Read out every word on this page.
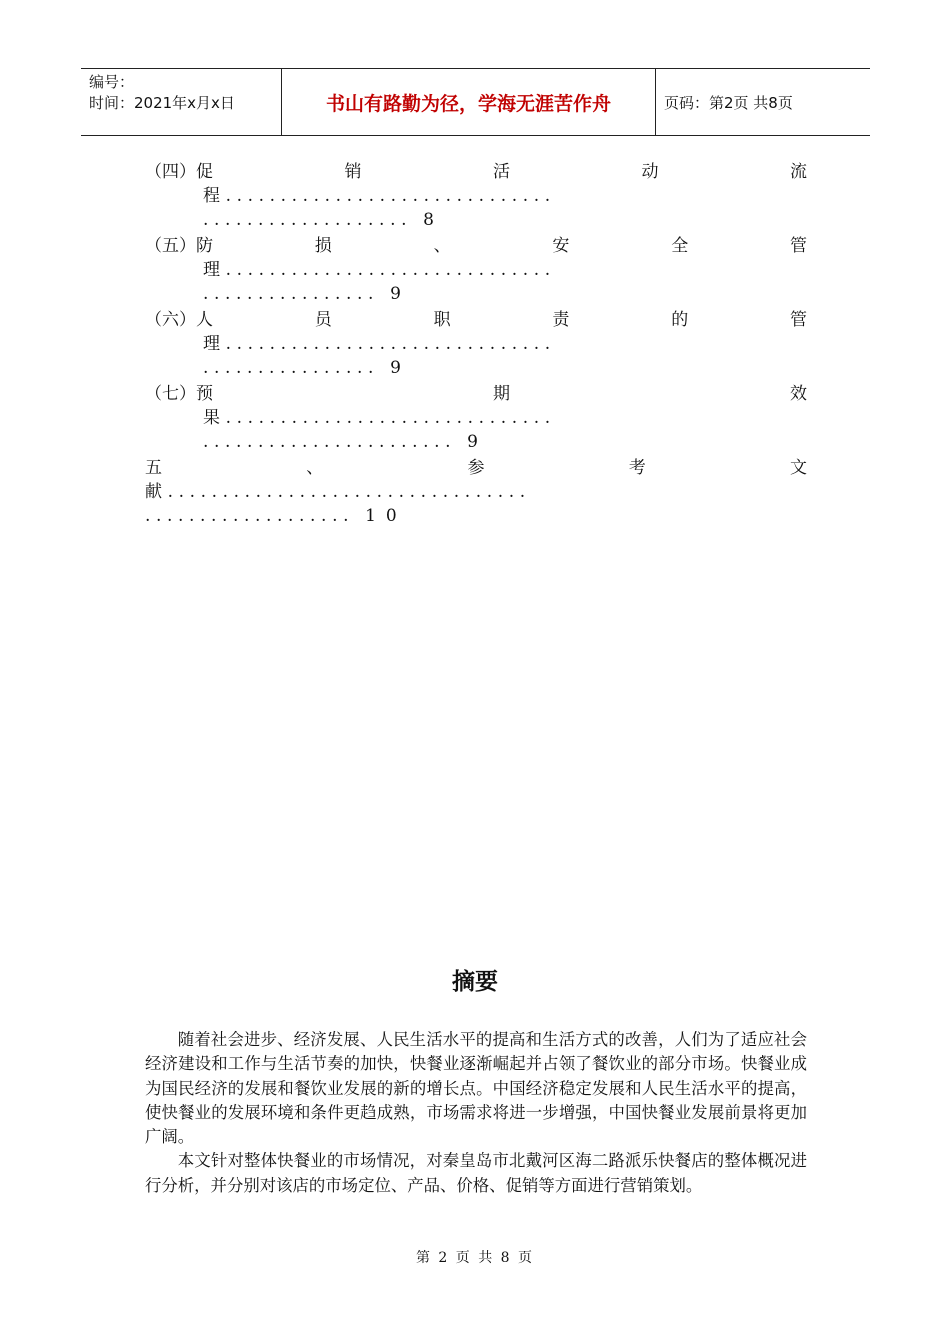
编号：
时间：2021年x月x日	书山有路勤为径，学海无涯苦作舟	页码：第2页 共8页
（四）促	销	活	动	流
程..............................
................... 8
（五）防	损	、	安	全	管
理..............................
................ 9
（六）人	员	职	责	的	管
理..............................
................ 9
（七）预	期	效
果..............................
....................... 9
五	、	参	考	文
献.................................
................... 10
摘要

随着社会进步、经济发展、人民生活水平的提高和生活方式的改善，人们为了适应社会经济建设和工作与生活节奏的加快，快餐业逐渐崛起并占领了餐饮业的部分市场。快餐业成为国民经济的发展和餐饮业发展的新的增长点。中国经济稳定发展和人民生活水平的提高，使快餐业的发展环境和条件更趋成熟，市场需求将进一步增强，中国快餐业发展前景将更加广阔。

本文针对整体快餐业的市场情况，对秦皇岛市北戴河区海二路派乐快餐店的整体概况进行分析，并分别对该店的市场定位、产品、价格、促销等方面进行营销策划。

第 2 页 共 8 页
